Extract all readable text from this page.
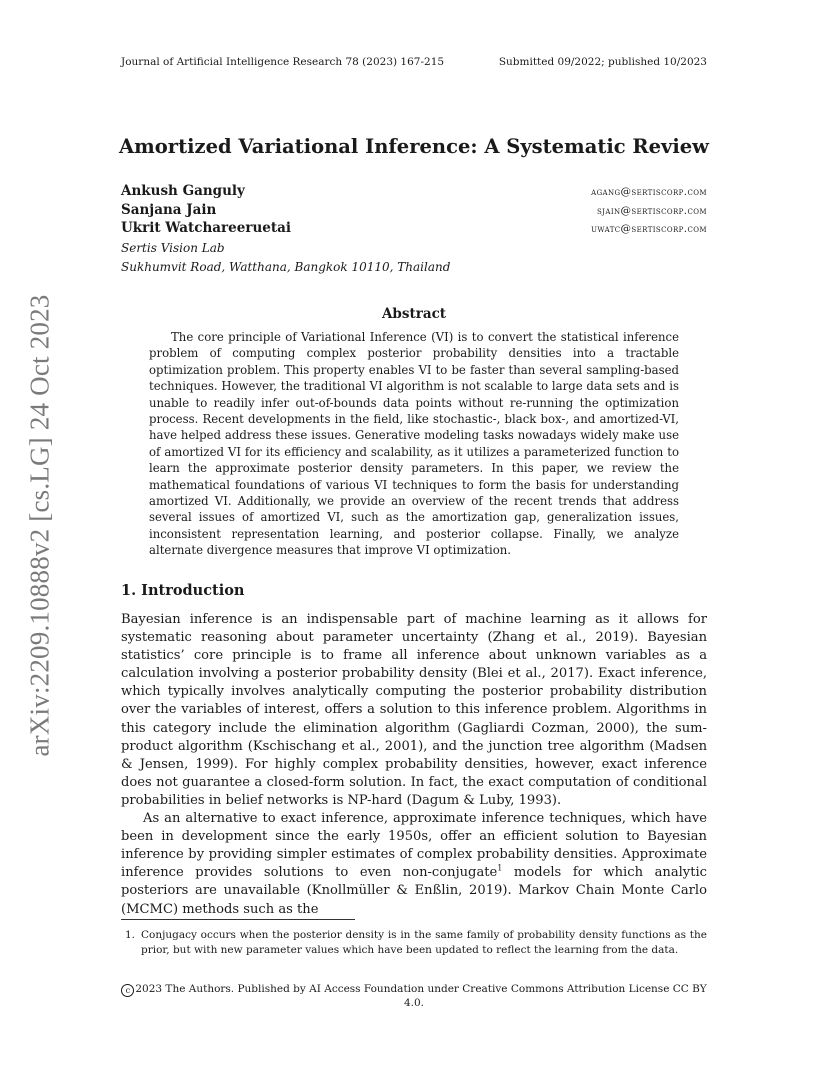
Journal of Artificial Intelligence Research 78 (2023) 167-215	Submitted 09/2022; published 10/2023
arXiv:2209.10888v2 [cs.LG] 24 Oct 2023
Amortized Variational Inference: A Systematic Review
Ankush Ganguly	agang@sertiscorp.com
Sanjana Jain	sjain@sertiscorp.com
Ukrit Watchareeruetai	uwatc@sertiscorp.com
Sertis Vision Lab
Sukhumvit Road, Watthana, Bangkok 10110, Thailand
Abstract

The core principle of Variational Inference (VI) is to convert the statistical inference problem of computing complex posterior probability densities into a tractable optimization problem. This property enables VI to be faster than several sampling-based techniques. However, the traditional VI algorithm is not scalable to large data sets and is unable to readily infer out-of-bounds data points without re-running the optimization process. Recent developments in the field, like stochastic-, black box-, and amortized-VI, have helped address these issues. Generative modeling tasks nowadays widely make use of amortized VI for its efficiency and scalability, as it utilizes a parameterized function to learn the approximate posterior density parameters. In this paper, we review the mathematical foundations of various VI techniques to form the basis for understanding amortized VI. Additionally, we provide an overview of the recent trends that address several issues of amortized VI, such as the amortization gap, generalization issues, inconsistent representation learning, and posterior collapse. Finally, we analyze alternate divergence measures that improve VI optimization.

1. Introduction

Bayesian inference is an indispensable part of machine learning as it allows for systematic reasoning about parameter uncertainty (Zhang et al., 2019). Bayesian statistics’ core principle is to frame all inference about unknown variables as a calculation involving a posterior probability density (Blei et al., 2017). Exact inference, which typically involves analytically computing the posterior probability distribution over the variables of interest, offers a solution to this inference problem. Algorithms in this category include the elimination algorithm (Gagliardi Cozman, 2000), the sum-product algorithm (Kschischang et al., 2001), and the junction tree algorithm (Madsen & Jensen, 1999). For highly complex probability densities, however, exact inference does not guarantee a closed-form solution. In fact, the exact computation of conditional probabilities in belief networks is NP-hard (Dagum & Luby, 1993).

As an alternative to exact inference, approximate inference techniques, which have been in development since the early 1950s, offer an efficient solution to Bayesian inference by providing simpler estimates of complex probability densities. Approximate inference provides solutions to even non-conjugate$^1$ models for which analytic posteriors are unavailable (Knollmüller & Enßlin, 2019). Markov Chain Monte Carlo (MCMC) methods such as the

1. Conjugacy occurs when the posterior density is in the same family of probability density functions as the prior, but with new parameter values which have been updated to reflect the learning from the data.
c 2023 The Authors. Published by AI Access Foundation under Creative Commons Attribution License CC BY 4.0.
